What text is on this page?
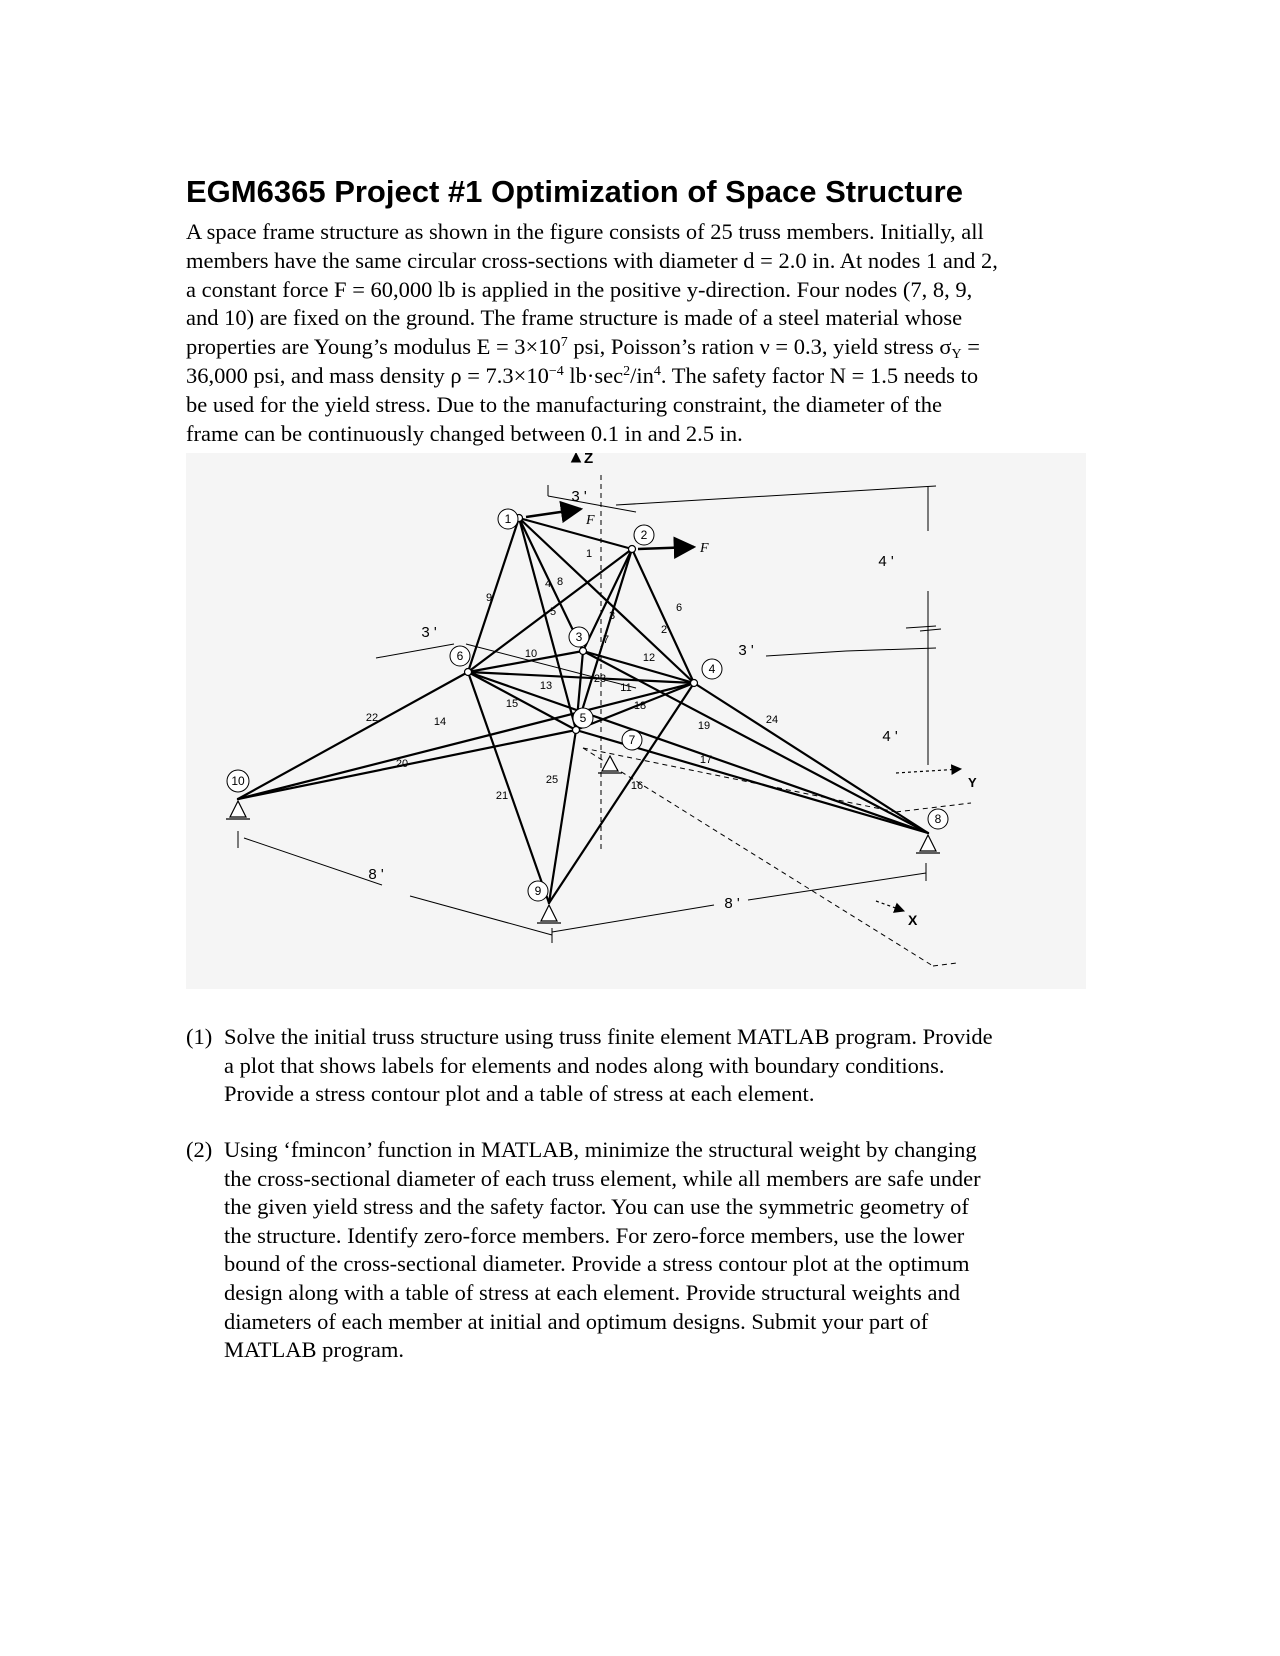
EGM6365 Project #1 Optimization of Space Structure

A space frame structure as shown in the figure consists of 25 truss members. Initially, all

members have the same circular cross-sections with diameter d = 2.0 in. At nodes 1 and 2,

a constant force F = 60,000 lb is applied in the positive y-direction. Four nodes (7, 8, 9,

and 10) are fixed on the ground. The frame structure is made of a steel material whose

properties are Young’s modulus $E = 3\times 10^7$ psi, Poisson’s ration ν = 0.3, yield stress $\sigma_Y$ =

36,000 psi, and mass density $\rho = 7.3\times 10^{-4}$ $lb\cdot\sec^2/in^4$. The safety factor N = 1.5 needs to

be used for the yield stress. Due to the manufacturing constraint, the diameter of the

frame can be continuously changed between 0.1 in and 2.5 in.

1
2
3
4
5
6
7
8
9
10
1
2
3
4
5	6
7
8
9
10
11
12
13
14
15
16
17
18
19
20
21
22
23
24
25
Z
Y
X
F
F
3 '
3 '
3 '
4 '
4 '
8 '
8 '
(1) Solve the initial truss structure using truss finite element MATLAB program. Provide
a plot that shows labels for elements and nodes along with boundary conditions.
Provide a stress contour plot and a table of stress at each element.
(2) Using ‘fmincon’ function in MATLAB, minimize the structural weight by changing
the cross-sectional diameter of each truss element, while all members are safe under
the given yield stress and the safety factor. You can use the symmetric geometry of
the structure. Identify zero-force members. For zero-force members, use the lower
bound of the cross-sectional diameter. Provide a stress contour plot at the optimum
design along with a table of stress at each element. Provide structural weights and
diameters of each member at initial and optimum designs. Submit your part of
MATLAB program.
